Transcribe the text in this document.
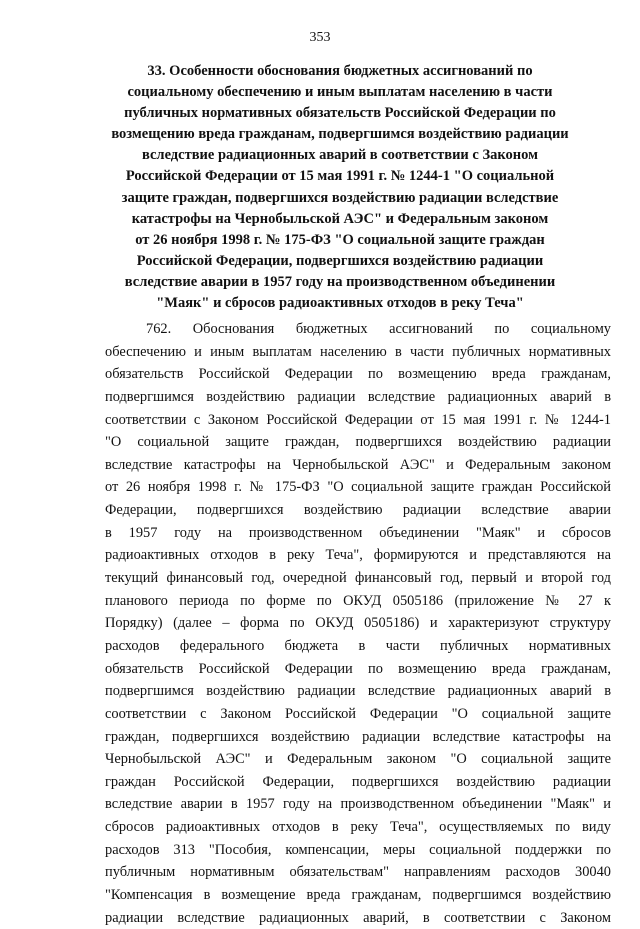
353
33. Особенности обоснования бюджетных ассигнований по
социальному обеспечению и иным выплатам населению в части
публичных нормативных обязательств Российской Федерации по
возмещению вреда гражданам, подвергшимся воздействию радиации
вследствие радиационных аварий в соответствии с Законом
Российской Федерации от 15 мая 1991 г. № 1244-1 "О социальной
защите граждан, подвергшихся воздействию радиации вследствие
катастрофы на Чернобыльской АЭС" и Федеральным законом
от 26 ноября 1998 г. № 175-ФЗ "О социальной защите граждан
Российской Федерации, подвергшихся воздействию радиации
вследствие аварии в 1957 году на производственном объединении
"Маяк" и сбросов радиоактивных отходов в реку Теча"
762. Обоснования бюджетных ассигнований по социальному
обеспечению и иным выплатам населению в части публичных нормативных
обязательств Российской Федерации по возмещению вреда гражданам,
подвергшимся воздействию радиации вследствие радиационных аварий в
соответствии с Законом Российской Федерации от 15 мая 1991 г. № 1244-1
"О социальной защите граждан, подвергшихся воздействию радиации
вследствие катастрофы на Чернобыльской АЭС" и Федеральным законом
от 26 ноября 1998 г. № 175-ФЗ "О социальной защите граждан Российской
Федерации, подвергшихся воздействию радиации вследствие аварии
в 1957 году на производственном объединении "Маяк" и сбросов
радиоактивных отходов в реку Теча", формируются и представляются на
текущий финансовый год, очередной финансовый год, первый и второй год
планового периода по форме по ОКУД 0505186 (приложение № 27 к
Порядку) (далее – форма по ОКУД 0505186) и характеризуют структуру
расходов федерального бюджета в части публичных нормативных
обязательств Российской Федерации по возмещению вреда гражданам,
подвергшимся воздействию радиации вследствие радиационных аварий в
соответствии с Законом Российской Федерации "О социальной защите
граждан, подвергшихся воздействию радиации вследствие катастрофы на
Чернобыльской АЭС" и Федеральным законом "О социальной защите
граждан Российской Федерации, подвергшихся воздействию радиации
вследствие аварии в 1957 году на производственном объединении "Маяк" и
сбросов радиоактивных отходов в реку Теча", осуществляемых по виду
расходов 313 "Пособия, компенсации, меры социальной поддержки по
публичным нормативным обязательствам" направлениям расходов 30040
"Компенсация в возмещение вреда гражданам, подвергшимся воздействию
радиации вследствие радиационных аварий, в соответствии с Законом
